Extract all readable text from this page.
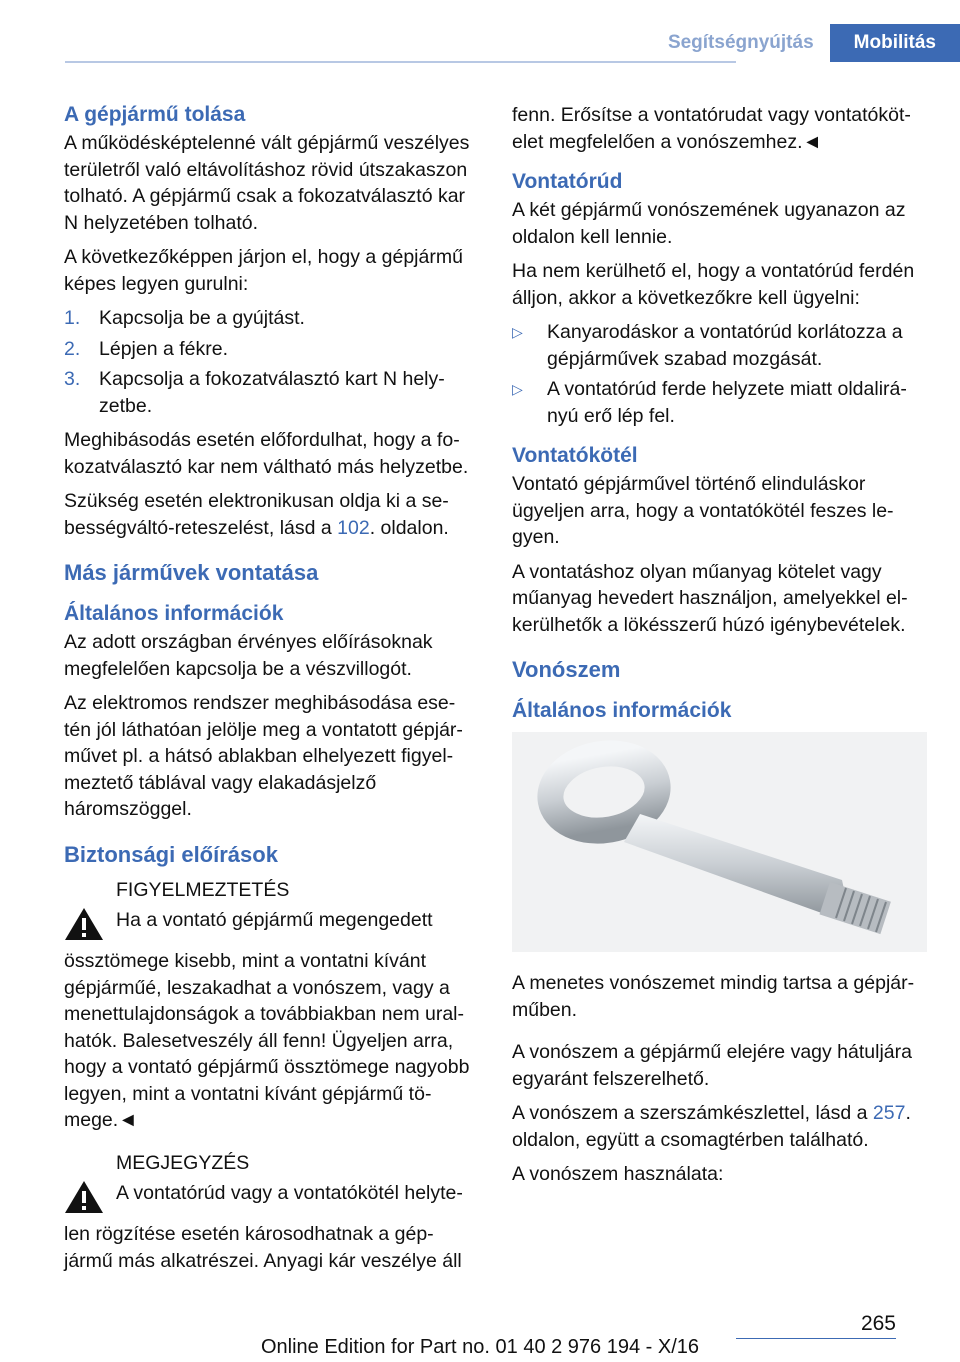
Segítségnyújtás	Mobilitás
A gépjármű tolása

A működésképtelenné vált gépjármű veszélyes területről való eltávolításhoz rövid útszakaszon tolható. A gépjármű csak a fokozatválasztó kar N helyzetében tolható.

A következőképpen járjon el, hogy a gépjármű képes legyen gurulni:

1. Kapcsolja be a gyújtást.
2. Lépjen a fékre.
3. Kapcsolja a fokozatválasztó kart N hely‐zetbe.

Meghibásodás esetén előfordulhat, hogy a fo‐kozatválasztó kar nem váltható más helyzetbe.

Szükség esetén elektronikusan oldja ki a se‐bességváltó-reteszelést, lásd a 102. oldalon.

Más járművek vontatása
Általános információk

Az adott országban érvényes előírásoknak megfelelően kapcsolja be a vészvillogót.

Az elektromos rendszer meghibásodása ese‐tén jól láthatóan jelölje meg a vontatott gépjár‐művet pl. a hátsó ablakban elhelyezett figyel‐meztető táblával vagy elakadásjelző háromszöggel.

Biztonsági előírások
FIGYELMEZTETÉS
Ha a vontató gépjármű megengedett

össztömege kisebb, mint a vontatni kívánt gépjárműé, leszakadhat a vonószem, vagy a menettulajdonságok a továbbiakban nem ural‐hatók. Balesetveszély áll fenn! Ügyeljen arra, hogy a vontató gépjármű össztömege nagyobb legyen, mint a vontatni kívánt gépjármű tö‐mege.◄

MEGJEGYZÉS
A vontatórúd vagy a vontatókötél helyte‐

len rögzítése esetén károsodhatnak a gép‐jármű más alkatrészei. Anyagi kár veszélye áll

fenn. Erősítse a vontatórudat vagy vontatóköt‐elet megfelelően a vonószemhez.◄

Vontatórúd

A két gépjármű vonószemének ugyanazon az oldalon kell lennie.

Ha nem kerülhető el, hogy a vontatórúd ferdén álljon, akkor a következőkre kell ügyelni:

▷	Kanyarodáskor a vontatórúd korlátozza a gépjárművek szabad mozgását.
▷	A vontatórúd ferde helyzete miatt oldalirá‐nyú erő lép fel.
Vontatókötél

Vontató gépjárművel történő elinduláskor ügyeljen arra, hogy a vontatókötél feszes le‐gyen.

A vontatáshoz olyan műanyag kötelet vagy műanyag hevedert használjon, amelyekkel el‐kerülhetők a lökésszerű húzó igénybevételek.

Vonószem
Általános információk

A menetes vonószemet mindig tartsa a gépjár‐műben.

A vonószem a gépjármű elejére vagy hátuljára egyaránt felszerelhető.

A vonószem a szerszámkészlettel, lásd a 257. oldalon, együtt a csomagtérben található.

A vonószem használata:

265
Online Edition for Part no. 01 40 2 976 194 - X/16
